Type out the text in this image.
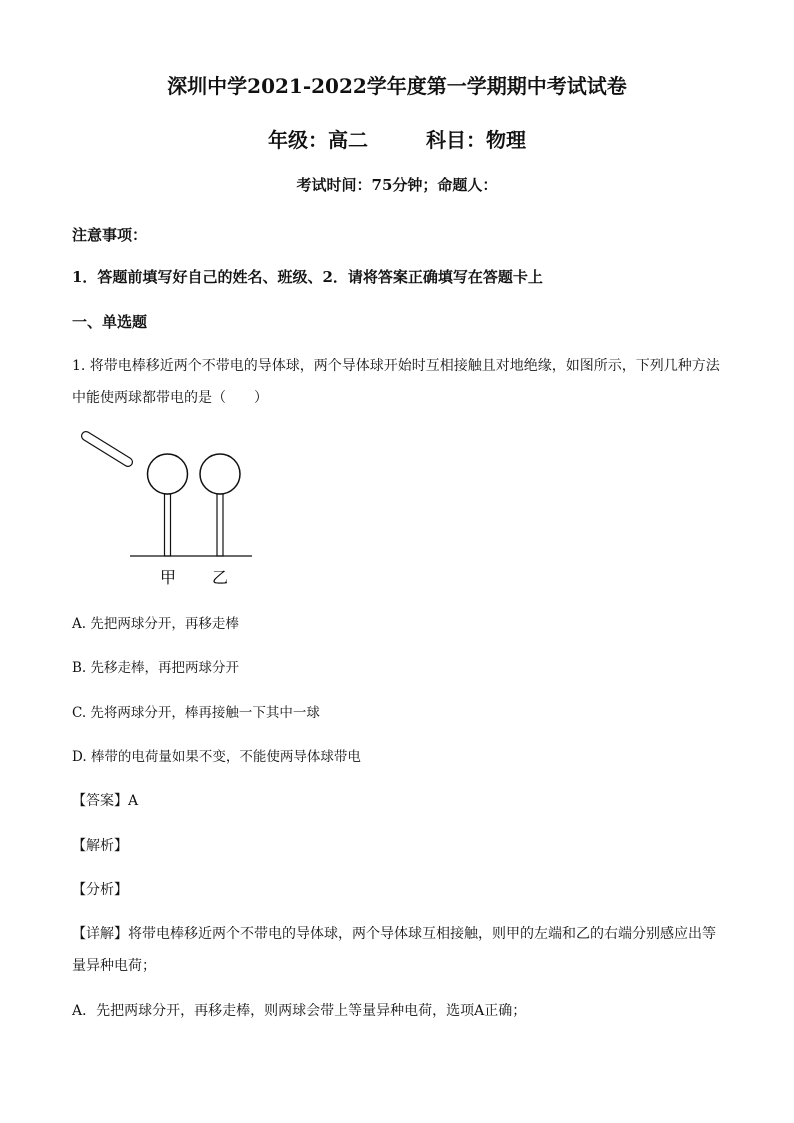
深圳中学2021-2022学年度第一学期期中考试试卷
年级：高二	科目：物理
考试时间：75分钟；命题人：
注意事项：
1．答题前填写好自己的姓名、班级、2．请将答案正确填写在答题卡上
一、单选题
1. 将带电棒移近两个不带电的导体球，两个导体球开始时互相接触且对地绝缘，如图所示，下列几种方法
中能使两球都带电的是（　　）
甲 乙
A. 先把两球分开，再移走棒
B. 先移走棒，再把两球分开
C. 先将两球分开，棒再接触一下其中一球
D. 棒带的电荷量如果不变，不能使两导体球带电
【答案】A
【解析】
【分析】
【详解】将带电棒移近两个不带电的导体球，两个导体球互相接触，则甲的左端和乙的右端分别感应出等
量异种电荷；
A．先把两球分开，再移走棒，则两球会带上等量异种电荷，选项A正确；
